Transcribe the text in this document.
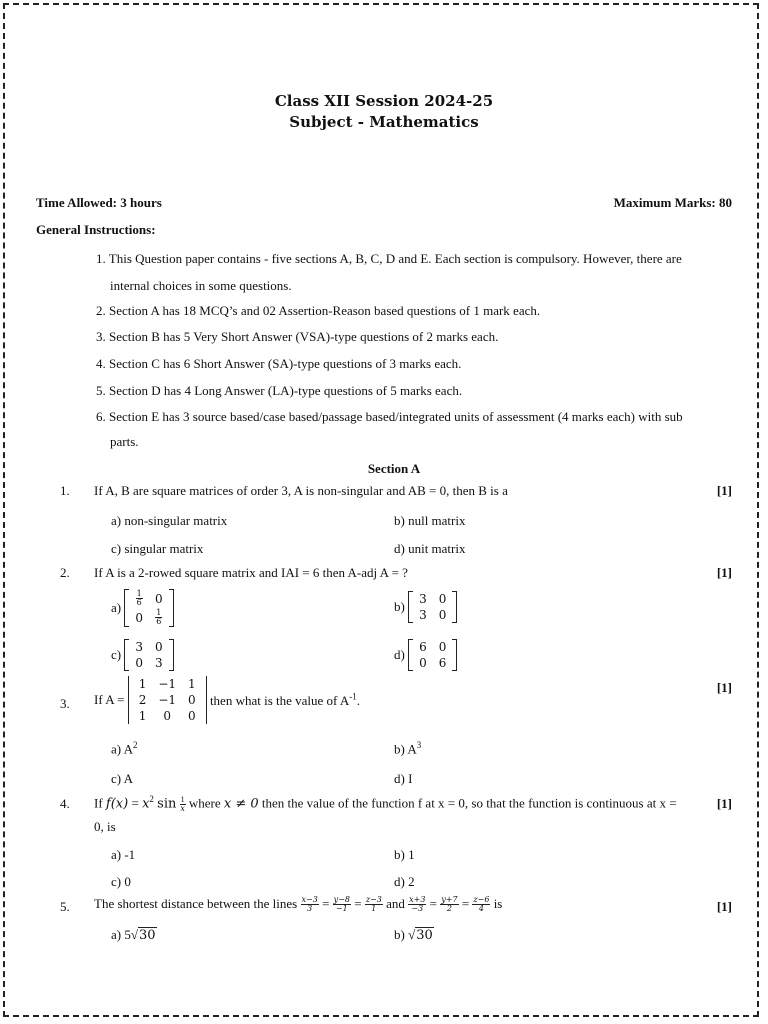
Class XII Session 2024-25
Subject - Mathematics
Time Allowed: 3 hours	Maximum Marks: 80
General Instructions:
1. This Question paper contains - five sections A, B, C, D and E. Each section is compulsory. However, there are
internal choices in some questions.
2. Section A has 18 MCQ’s and 02 Assertion-Reason based questions of 1 mark each.
3. Section B has 5 Very Short Answer (VSA)-type questions of 2 marks each.
4. Section C has 6 Short Answer (SA)-type questions of 3 marks each.
5. Section D has 4 Long Answer (LA)-type questions of 5 marks each.
6. Section E has 3 source based/case based/passage based/integrated units of assessment (4 marks each) with sub
parts.
Section A
1. If A, B are square matrices of order 3, A is non-singular and AB = 0, then B is a	[1]
a) non-singular matrix	b) null matrix
c) singular matrix	d) unit matrix
2. If A is a 2-rowed square matrix and IAI = 6 then A-adj A = ?	[1]
a)
$\frac{1}{6}$	0
0	$\frac{1}{6}$
b) 3	0
3	0
c) 3	0
0	3
d) 6	0
0	6
3.
[1]
If A =
1	−1	1
2	−1	0
1	0	0
then what is the value of $A^{-1}$.
a) $A^2$	b) $A^3$
c) A	d) I
4.	[1]
If $f(x) = x^2$ $\sin \frac{1}{x}$ where x ≠ 0 then the value of the function f at x = 0, so that the function is continuous at x =
0, is
a) -1	b) 1
c) 0	d) 2
5.	[1]
The shortest distance between the lines $\frac{x-3}{3} = \frac{y-8}{-1} = \frac{z-3}{1}$ and $\frac{x+3}{-3} = \frac{y+7}{2} = \frac{z-6}{4}$ is
a) 5√30	b) √30
